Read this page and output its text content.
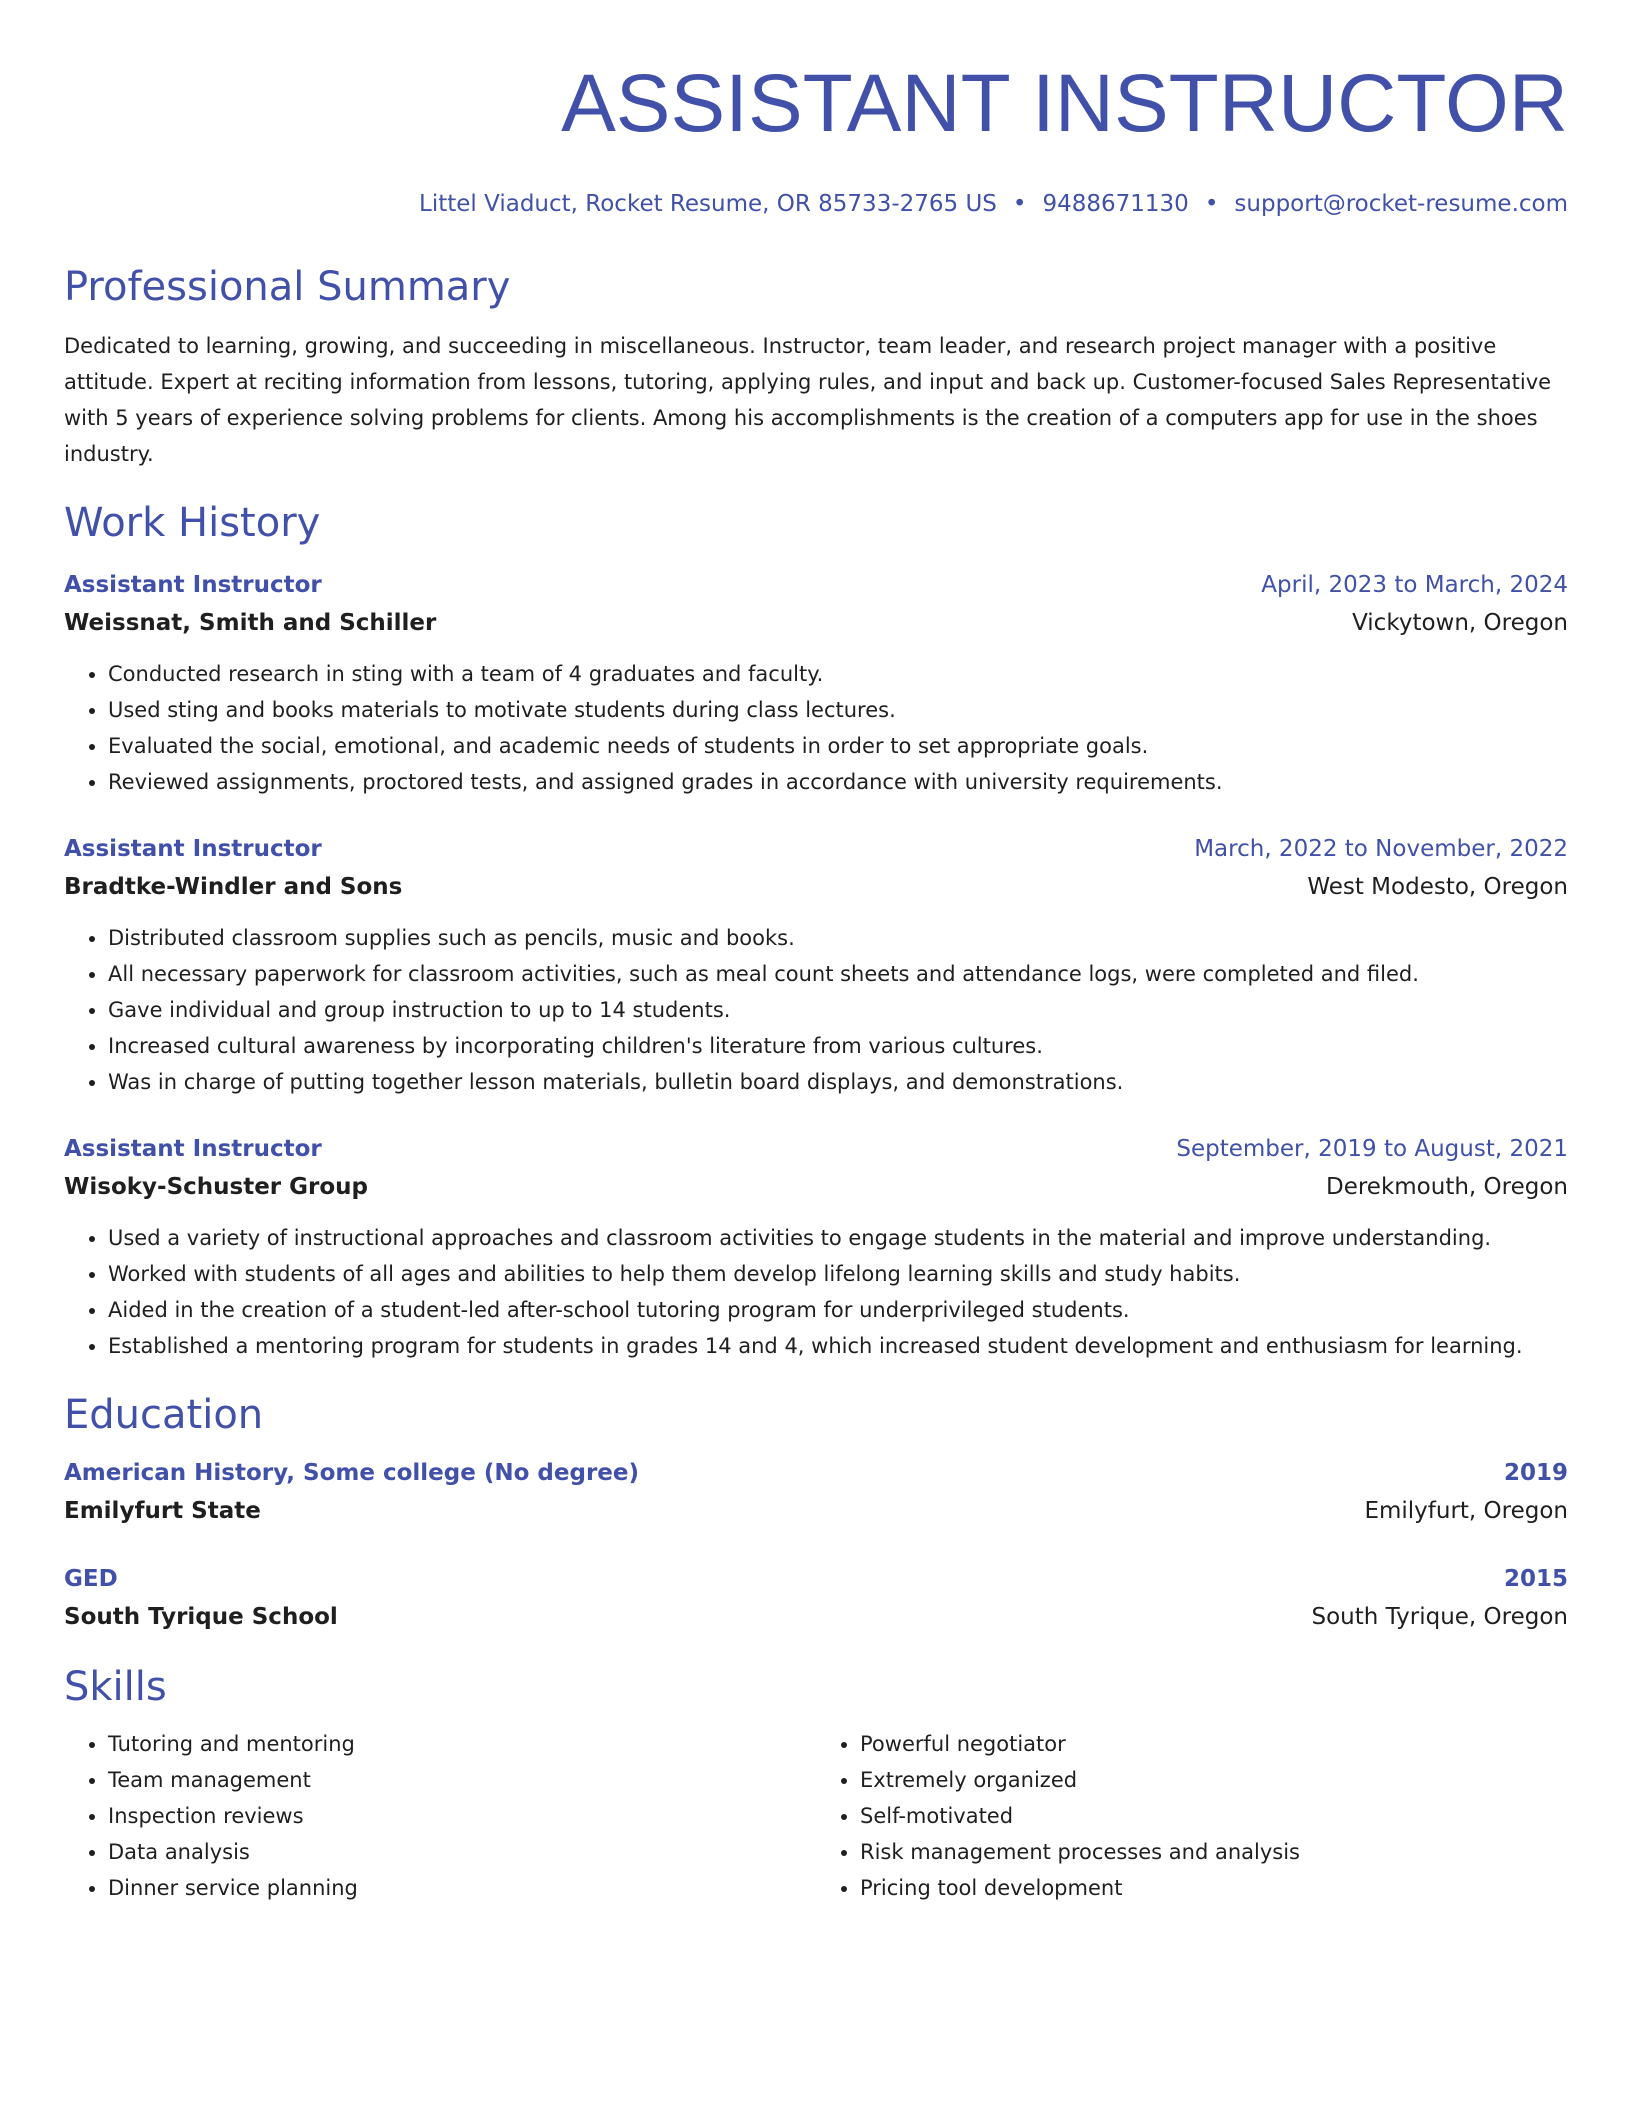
ASSISTANT INSTRUCTOR
Littel Viaduct, Rocket Resume, OR 85733-2765 US • 9488671130 • support@rocket-resume.com
Professional Summary
Dedicated to learning, growing, and succeeding in miscellaneous. Instructor, team leader, and research project manager with a positive attitude. Expert at reciting information from lessons, tutoring, applying rules, and input and back up. Customer-focused Sales Representative with 5 years of experience solving problems for clients. Among his accomplishments is the creation of a computers app for use in the shoes industry.
Work History
Assistant Instructor	April, 2023 to March, 2024
Weissnat, Smith and Schiller	Vickytown, Oregon
• Conducted research in sting with a team of 4 graduates and faculty.
• Used sting and books materials to motivate students during class lectures.
• Evaluated the social, emotional, and academic needs of students in order to set appropriate goals.
• Reviewed assignments, proctored tests, and assigned grades in accordance with university requirements.
Assistant Instructor	March, 2022 to November, 2022
Bradtke-Windler and Sons	West Modesto, Oregon
• Distributed classroom supplies such as pencils, music and books.
• All necessary paperwork for classroom activities, such as meal count sheets and attendance logs, were completed and filed.
• Gave individual and group instruction to up to 14 students.
• Increased cultural awareness by incorporating children's literature from various cultures.
• Was in charge of putting together lesson materials, bulletin board displays, and demonstrations.
Assistant Instructor	September, 2019 to August, 2021
Wisoky-Schuster Group	Derekmouth, Oregon
• Used a variety of instructional approaches and classroom activities to engage students in the material and improve understanding.
• Worked with students of all ages and abilities to help them develop lifelong learning skills and study habits.
• Aided in the creation of a student-led after-school tutoring program for underprivileged students.
• Established a mentoring program for students in grades 14 and 4, which increased student development and enthusiasm for learning.
Education
American History, Some college (No degree)	2019
Emilyfurt State	Emilyfurt, Oregon
GED	2015
South Tyrique School	South Tyrique, Oregon
Skills
• Tutoring and mentoring
• Team management
• Inspection reviews
• Data analysis
• Dinner service planning
• Powerful negotiator
• Extremely organized
• Self-motivated
• Risk management processes and analysis
• Pricing tool development
